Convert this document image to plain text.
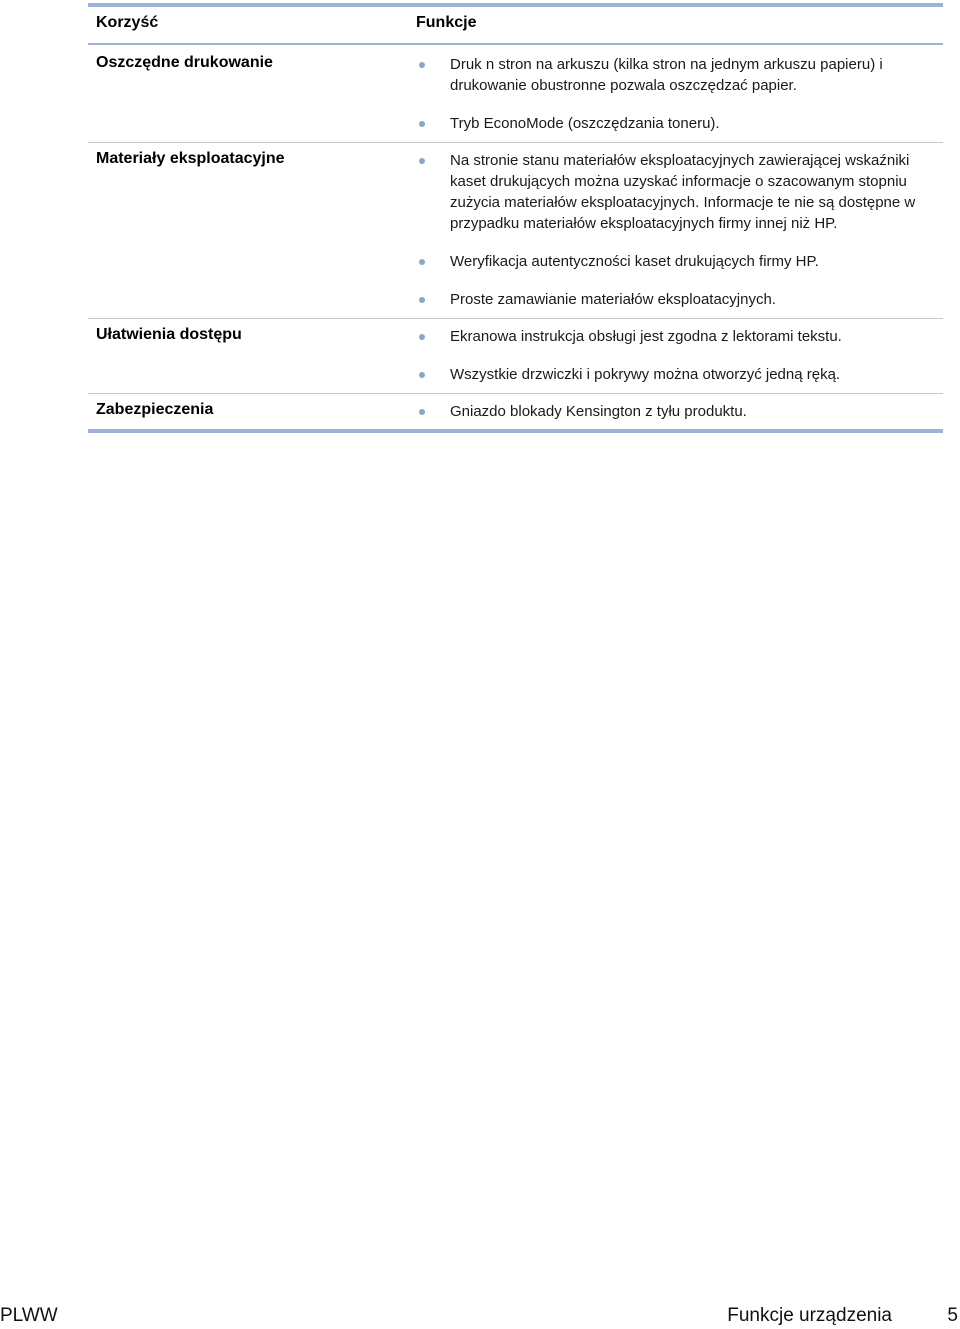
Korzyść	Funkcje
Oszczędne drukowanie	Druk n stron na arkuszu (kilka stron na jednym arkuszu papieru) i drukowanie obustronne pozwala oszczędzać papier.
Tryb EconoMode (oszczędzania toneru).
Materiały eksploatacyjne	Na stronie stanu materiałów eksploatacyjnych zawierającej wskaźniki kaset drukujących można uzyskać informacje o szacowanym stopniu zużycia materiałów eksploatacyjnych. Informacje te nie są dostępne w przypadku materiałów eksploatacyjnych firmy innej niż HP.
Weryfikacja autentyczności kaset drukujących firmy HP.
Proste zamawianie materiałów eksploatacyjnych.
Ułatwienia dostępu	Ekranowa instrukcja obsługi jest zgodna z lektorami tekstu.
Wszystkie drzwiczki i pokrywy można otworzyć jedną ręką.
Zabezpieczenia	Gniazdo blokady Kensington z tyłu produktu.
PLWW	Funkcje urządzenia	5
